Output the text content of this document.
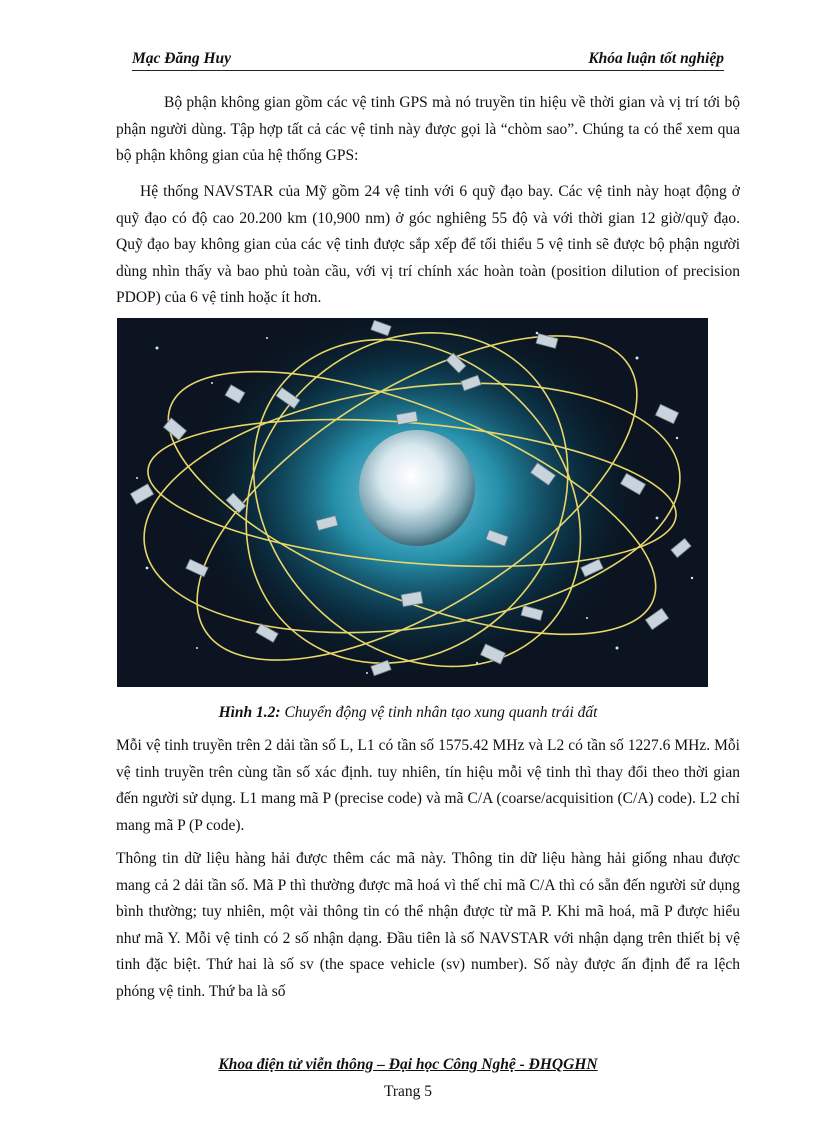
Mạc Đăng Huy	Khóa luận tốt nghiệp

Bộ phận không gian gồm các vệ tinh GPS mà nó truyền tin hiệu về thời gian và vị trí tới bộ phận người dùng. Tập hợp tất cả các vệ tinh này được gọi là “chòm sao”. Chúng ta có thể xem qua bộ phận không gian của hệ thống GPS:

Hệ thống NAVSTAR của Mỹ gồm 24 vệ tinh với 6 quỹ đạo bay. Các vệ tinh này hoạt động ở quỹ đạo có độ cao 20.200 km (10,900 nm) ở góc nghiêng 55 độ và với thời gian 12 giờ/quỹ đạo. Quỹ đạo bay không gian của các vệ tinh được sắp xếp để tối thiểu 5 vệ tinh sẽ được bộ phận người dùng nhìn thấy và bao phủ toàn cầu, với vị trí chính xác hoàn toàn (position dilution of precision PDOP) của 6 vệ tinh hoặc ít hơn.

Hình 1.2: Chuyển động vệ tinh nhân tạo xung quanh trái đất

Mỗi vệ tinh truyền trên 2 dải tần số L, L1 có tần số 1575.42 MHz và L2 có tần số 1227.6 MHz. Mỗi vệ tinh truyền trên cùng tần số xác định. tuy nhiên, tín hiệu mỗi vệ tinh thì thay đổi theo thời gian đến người sử dụng. L1 mang mã P (precise code) và mã C/A (coarse/acquisition (C/A) code). L2 chỉ mang mã P (P code).

Thông tin dữ liệu hàng hải được thêm các mã này. Thông tin dữ liệu hàng hải giống nhau được mang cả 2 dải tần số. Mã P thì thường được mã hoá vì thế chỉ mã C/A thì có sẵn đến người sử dụng bình thường; tuy nhiên, một vài thông tin có thể nhận được từ mã P. Khi mã hoá, mã P được hiểu như mã Y. Mỗi vệ tinh có 2 số nhận dạng. Đầu tiên là số NAVSTAR với nhận dạng trên thiết bị vệ tinh đặc biệt. Thứ hai là số sv (the space vehicle (sv) number). Số này được ấn định để ra lệch phóng vệ tinh. Thứ ba là số

Khoa điện tử viễn thông – Đại học Công Nghệ - ĐHQGHN
Trang 5
